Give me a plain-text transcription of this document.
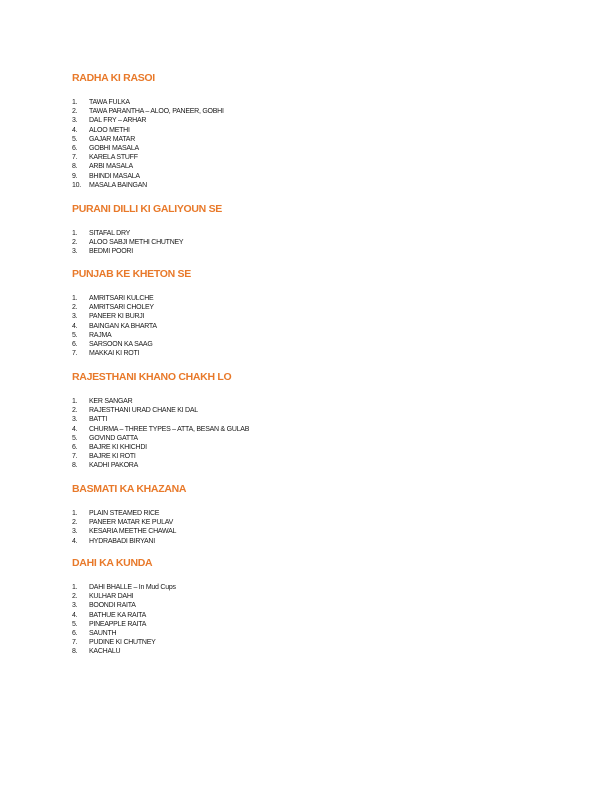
RADHA KI RASOI
1.	TAWA FULKA
2.	TAWA PARANTHA – ALOO, PANEER, GOBHI
3.	DAL FRY – ARHAR
4.	ALOO METHI
5.	GAJAR MATAR
6.	GOBHI MASALA
7.	KARELA STUFF
8.	ARBI MASALA
9.	BHINDI MASALA
10.	MASALA BAINGAN
PURANI DILLI KI GALIYOUN SE
1.	SITAFAL DRY
2.	ALOO SABJI METHI CHUTNEY
3.	BEDMI POORI
PUNJAB KE KHETON SE
1.	AMRITSARI KULCHE
2.	AMRITSARI CHOLEY
3.	PANEER KI BURJI
4.	BAINGAN KA BHARTA
5.	RAJMA
6.	SARSOON KA SAAG
7.	MAKKAI KI ROTI
RAJESTHANI KHANO CHAKH LO
1.	KER SANGAR
2.	RAJESTHANI URAD CHANE KI DAL
3.	BATTI
4.	CHURMA – THREE TYPES – ATTA, BESAN & GULAB
5.	GOVIND GATTA
6.	BAJRE KI KHICHDI
7.	BAJRE KI ROTI
8.	KADHI PAKORA
BASMATI KA KHAZANA
1.	PLAIN STEAMED RICE
2.	PANEER MATAR KE PULAV
3.	KESARIA MEETHE CHAWAL
4.	HYDRABADI BIRYANI
DAHI KA KUNDA
1.	DAHI BHALLE – In Mud Cups
2.	KULHAR DAHI
3.	BOONDI RAITA
4.	BATHUE KA RAITA
5.	PINEAPPLE RAITA
6.	SAUNTH
7.	PUDINE KI CHUTNEY
8.	KACHALU
